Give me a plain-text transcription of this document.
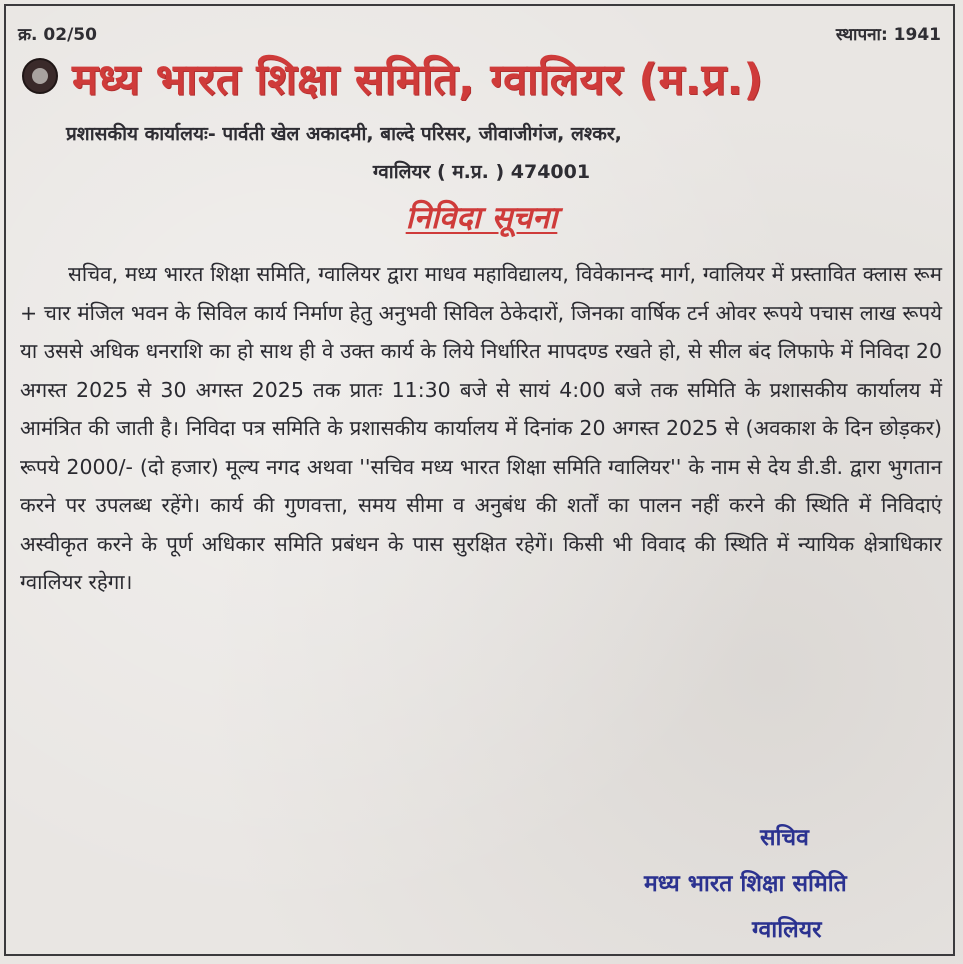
क्र. 02/50	स्थापना: 1941
मध्य भारत शिक्षा समिति, ग्वालियर (म.प्र.)
प्रशासकीय कार्यालयः- पार्वती खेल अकादमी, बाल्दे परिसर, जीवाजीगंज, लश्कर,
ग्वालियर ( म.प्र. ) 474001
निविदा सूचना
सचिव, मध्य भारत शिक्षा समिति, ग्वालियर द्वारा माधव महाविद्यालय, विवेकानन्द मार्ग, ग्वालियर में प्रस्तावित क्लास रूम + चार मंजिल भवन के सिविल कार्य निर्माण हेतु अनुभवी सिविल ठेकेदारों, जिनका वार्षिक टर्न ओवर रूपये पचास लाख रूपये या उससे अधिक धनराशि का हो साथ ही वे उक्त कार्य के लिये निर्धारित मापदण्ड रखते हो, से सील बंद लिफाफे में निविदा 20 अगस्त 2025 से 30 अगस्त 2025 तक प्रातः 11:30 बजे से सायं 4:00 बजे तक समिति के प्रशासकीय कार्यालय में आमंत्रित की जाती है। निविदा पत्र समिति के प्रशासकीय कार्यालय में दिनांक 20 अगस्त 2025 से (अवकाश के दिन छोड़कर) रूपये 2000/- (दो हजार) मूल्य नगद अथवा ''सचिव मध्य भारत शिक्षा समिति ग्वालियर'' के नाम से देय डी.डी. द्वारा भुगतान करने पर उपलब्ध रहेंगे। कार्य की गुणवत्ता, समय सीमा व अनुबंध की शर्तों का पालन नहीं करने की स्थिति में निविदाएं अस्वीकृत करने के पूर्ण अधिकार समिति प्रबंधन के पास सुरक्षित रहेगें। किसी भी विवाद की स्थिति में न्यायिक क्षेत्राधिकार ग्वालियर रहेगा।
सचिव
मध्य भारत शिक्षा समिति
ग्वालियर
